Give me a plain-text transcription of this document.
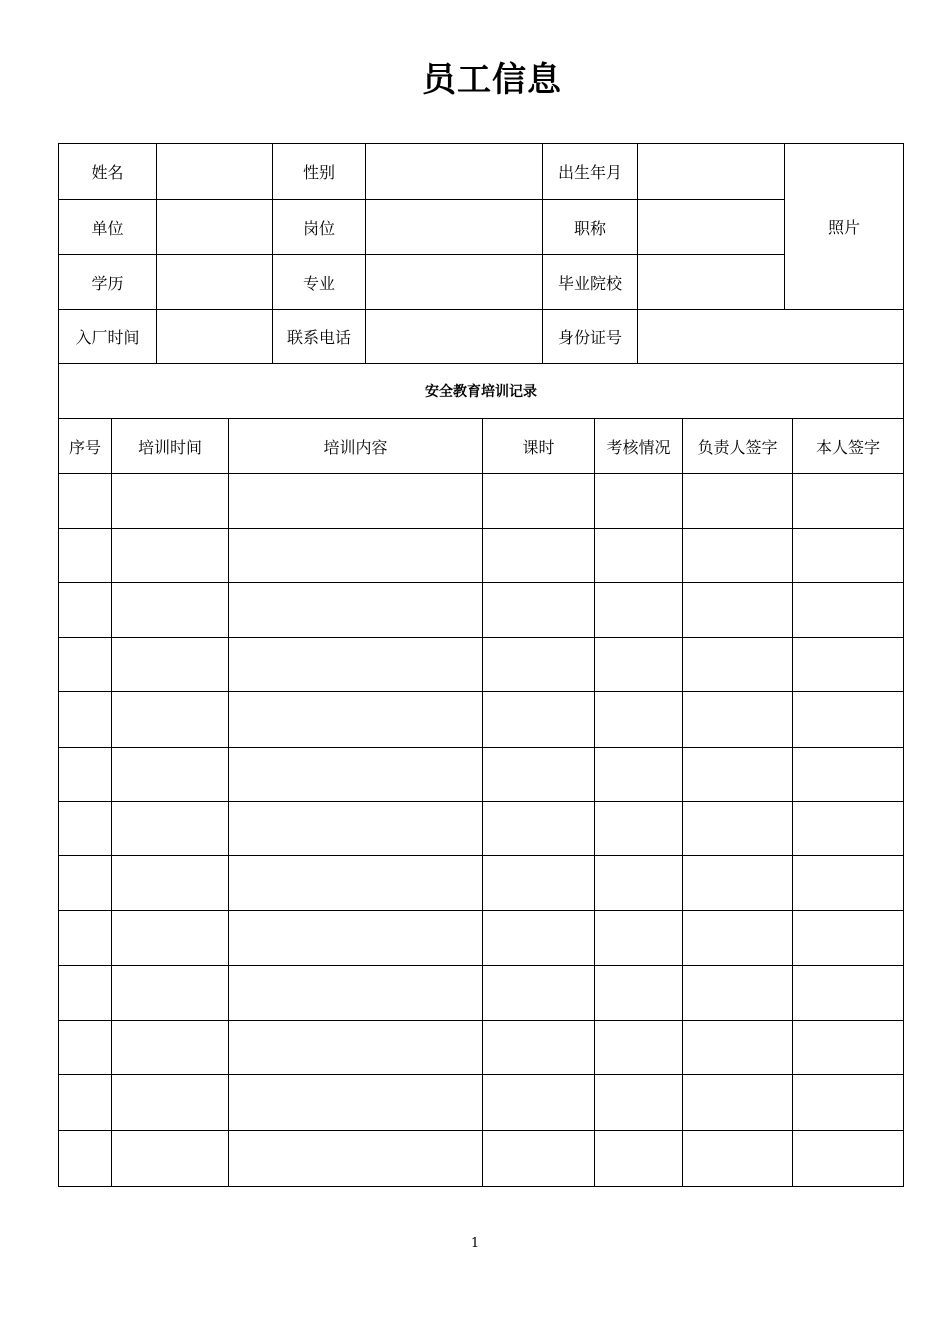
员工信息
姓名	性别	出生年月
照片
单位	岗位	职称
学历	专业	毕业院校
入厂时间	联系电话	身份证号
安全教育培训记录
序号	培训时间	培训内容	课时	考核情况	负责人签字	本人签字
1
